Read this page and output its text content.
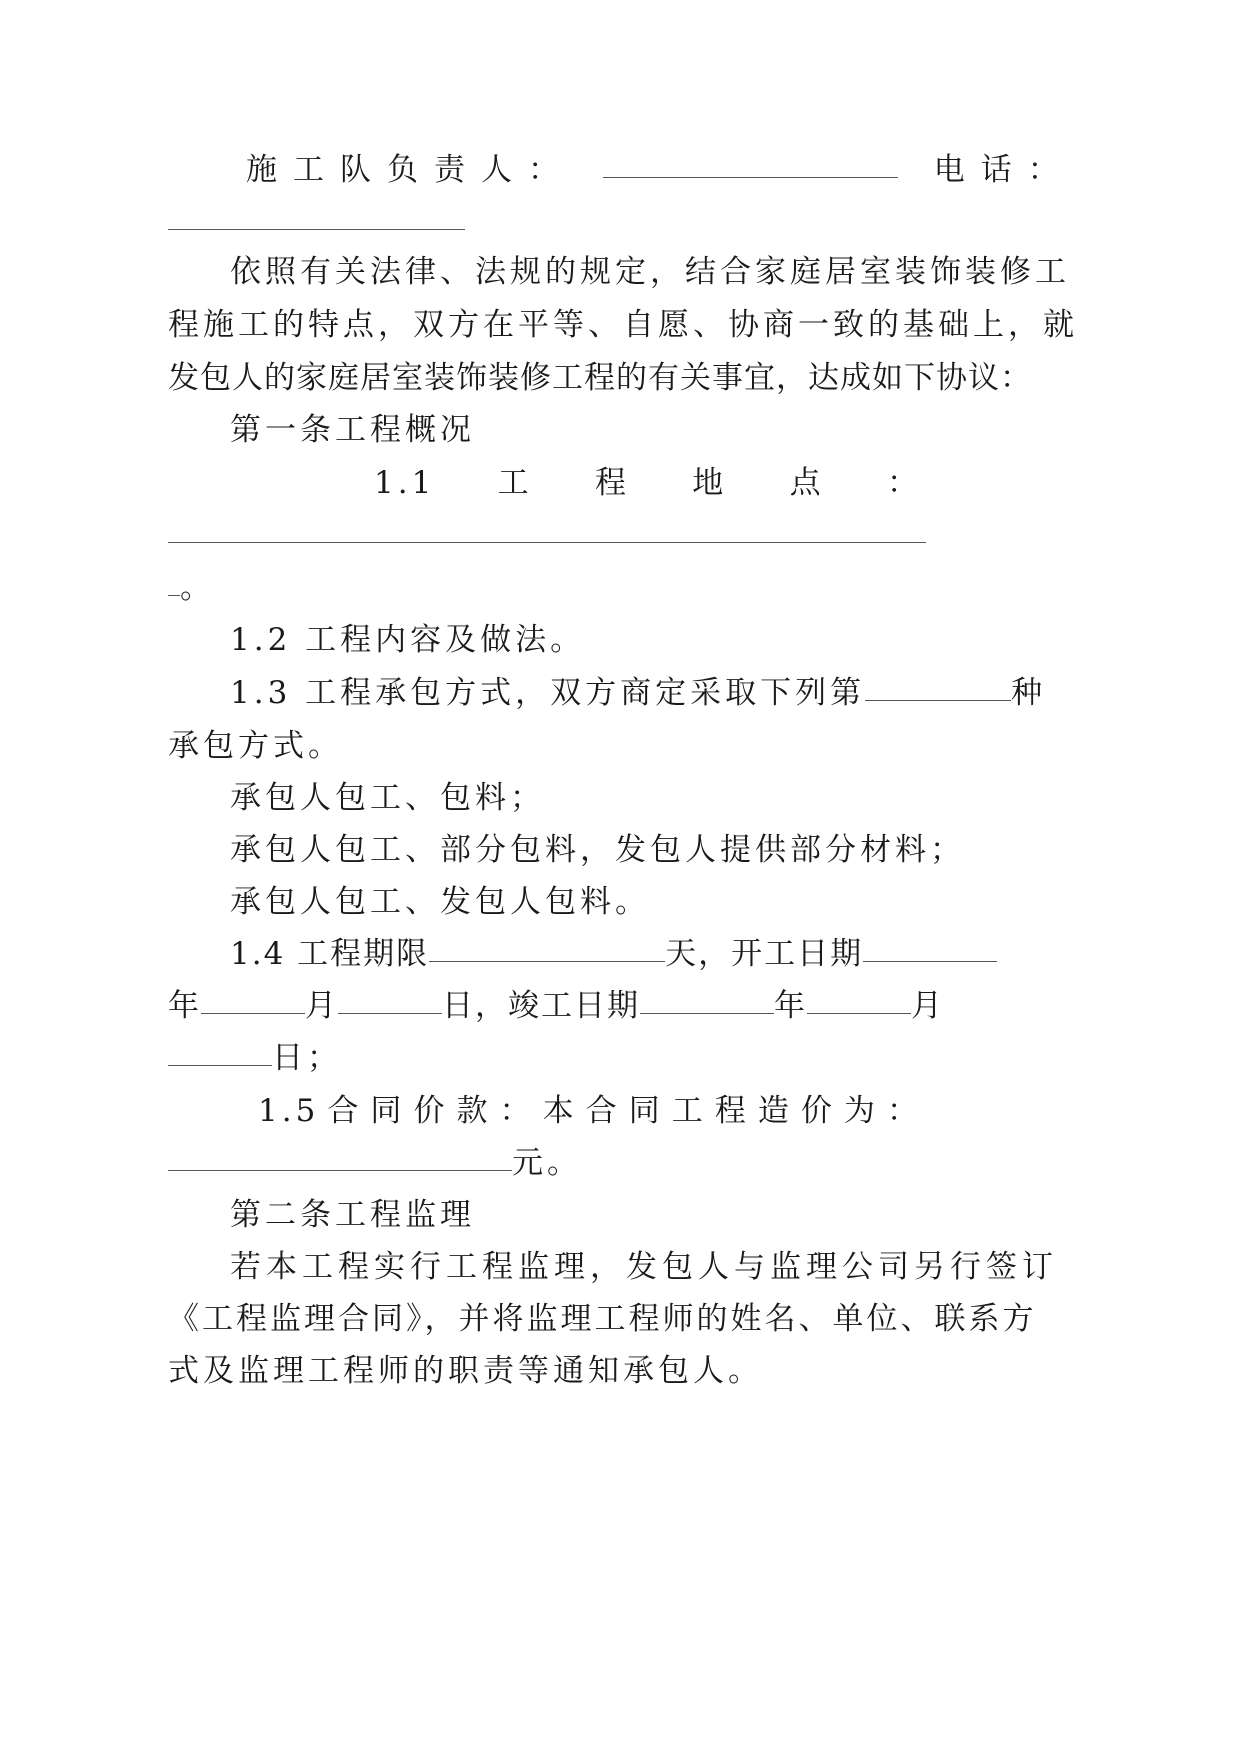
施工队负责人：	电话：
依照有关法律、法规的规定，结合家庭居室装饰装修工
程施工的特点，双方在平等、自愿、协商一致的基础上，就
发包人的家庭居室装饰装修工程的有关事宜，达成如下协议：
第一条工程概况
1.1 工 程 地 点 ：
。
1.2 工程内容及做法。
1.3 工程承包方式，双方商定采取下列第	种
承包方式。
承包人包工、包料；
承包人包工、部分包料，发包人提供部分材料；
承包人包工、发包人包料。
1.4 工程期限	天，开工日期
年	月	日，竣工日期	年	月
日；
1.5 合 同 价 款 ： 本 合 同 工 程 造 价 为 ：
元。
第二条工程监理
若本工程实行工程监理，发包人与监理公司另行签订
《工程监理合同》，并将监理工程师的姓名、单位、联系方
式及监理工程师的职责等通知承包人。
